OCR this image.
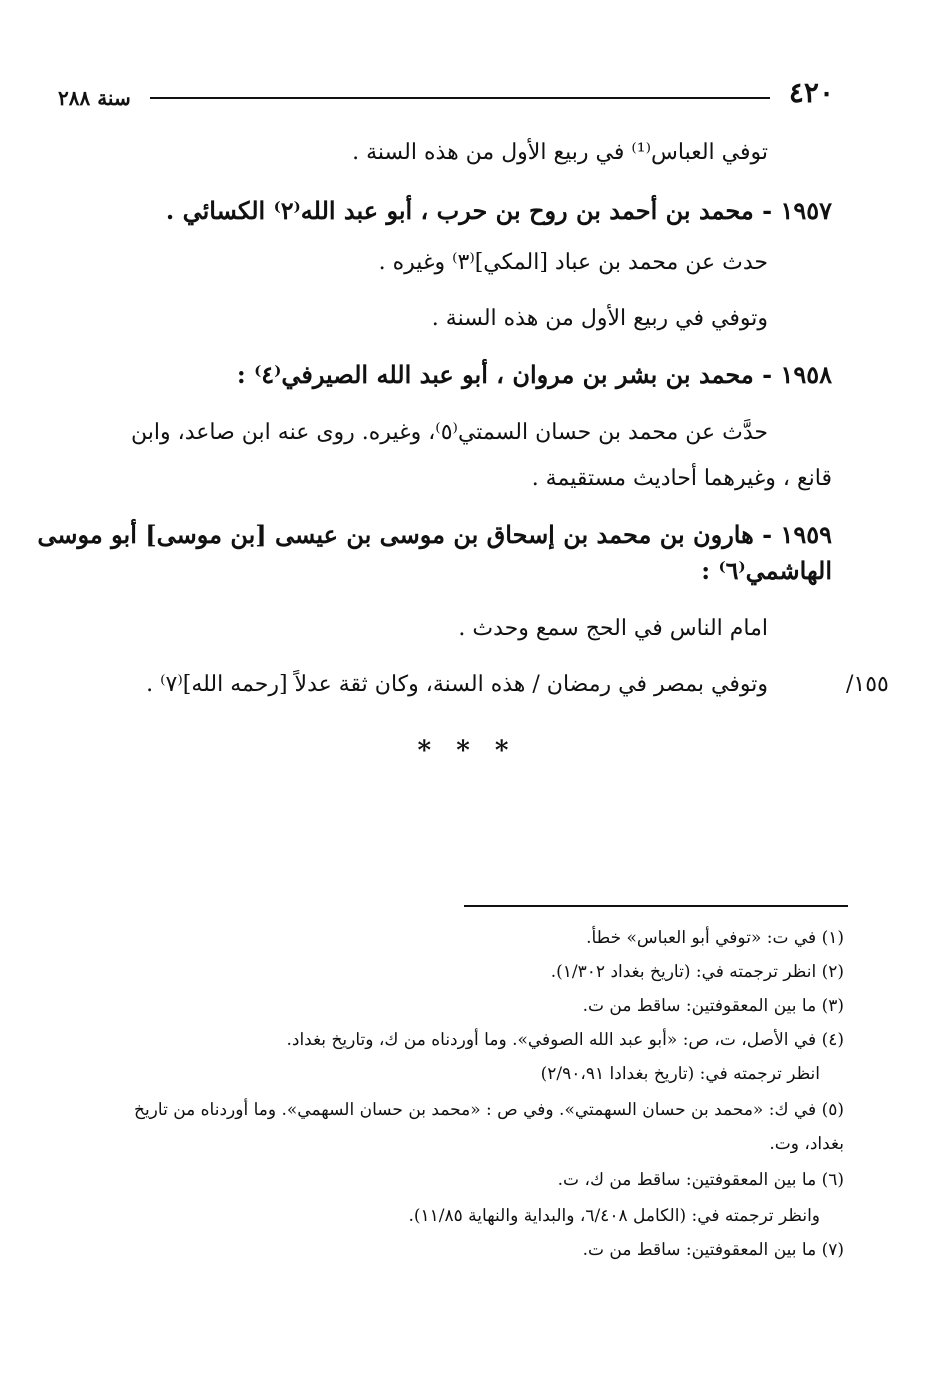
٤٢٠
سنة ٢٨٨
توفي العباس⁽¹⁾ في ربيع الأول من هذه السنة .
١٩٥٧ - محمد بن أحمد بن روح بن حرب ، أبو عبد الله⁽٢⁾ الكسائي .
حدث عن محمد بن عباد [المكي]⁽٣⁾ وغيره .
وتوفي في ربيع الأول من هذه السنة .
١٩٥٨ - محمد بن بشر بن مروان ، أبو عبد الله الصيرفي⁽٤⁾ :
حدَّث عن محمد بن حسان السمتي⁽٥⁾، وغيره. روى عنه ابن صاعد، وابن
قانع ، وغيرهما أحاديث مستقيمة .
١٩٥٩ - هارون بن محمد بن إسحاق بن موسى بن عيسى [بن موسى] أبو موسى
الهاشمي⁽٦⁾ :
امام الناس في الحج سمع وحدث .
وتوفي بمصر في رمضان / هذه السنة، وكان ثقة عدلاً [رحمه الله]⁽٧⁾ .	١٥٥/
* * *
(١) في ت: «توفي أبو العباس» خطأ.
(٢) انظر ترجمته في: (تاريخ بغداد ١/٣٠٢).
(٣) ما بين المعقوفتين: ساقط من ت.
(٤) في الأصل، ت، ص: «أبو عبد الله الصوفي». وما أوردناه من ك، وتاريخ بغداد.
انظر ترجمته في: (تاريخ بغدادا ٢/٩٠،٩١)
(٥) في ك: «محمد بن حسان السهمتي». وفي ص : «محمد بن حسان السهمي». وما أوردناه من تاريخ
بغداد، وت.
(٦) ما بين المعقوفتين: ساقط من ك، ت.
وانظر ترجمته في: (الكامل ٦/٤٠٨، والبداية والنهاية ١١/٨٥).
(٧) ما بين المعقوفتين: ساقط من ت.
